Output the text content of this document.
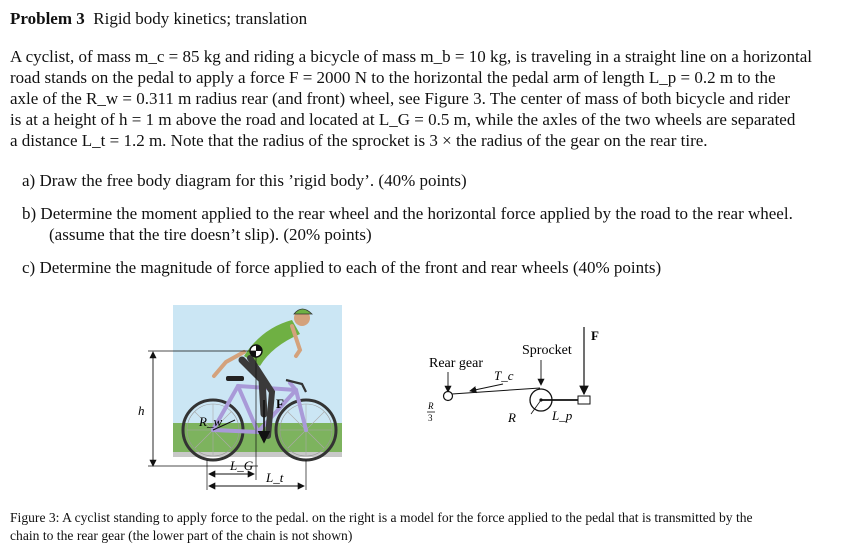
Problem 3 Rigid body kinetics; translation
A cyclist, of mass m_c = 85 kg and riding a bicycle of mass m_b = 10 kg, is traveling in a straight line on a horizontal
road stands on the pedal to apply a force F = 2000 N to the horizontal the pedal arm of length L_p = 0.2 m to the
axle of the R_w = 0.311 m radius rear (and front) wheel, see Figure 3. The center of mass of both bicycle and rider
is at a height of h = 1 m above the road and located at L_G = 0.5 m, while the axles of the two wheels are separated
a distance L_t = 1.2 m. Note that the radius of the sprocket is 3 × the radius of the gear on the rear tire.
a) Draw the free body diagram for this ’rigid body’. (40% points)
b) Determine the moment applied to the rear wheel and the horizontal force applied by the road to the rear wheel.
(assume that the tire doesn’t slip). (20% points)
c) Determine the magnitude of force applied to each of the front and rear wheels (40% points)
F
R_w
h
L_G
L_t
Rear gear
T_c
R
3
Sprocket
R	L_p
F
Figure 3: A cyclist standing to apply force to the pedal. on the right is a model for the force applied to the pedal that is transmitted by the
chain to the rear gear (the lower part of the chain is not shown)
